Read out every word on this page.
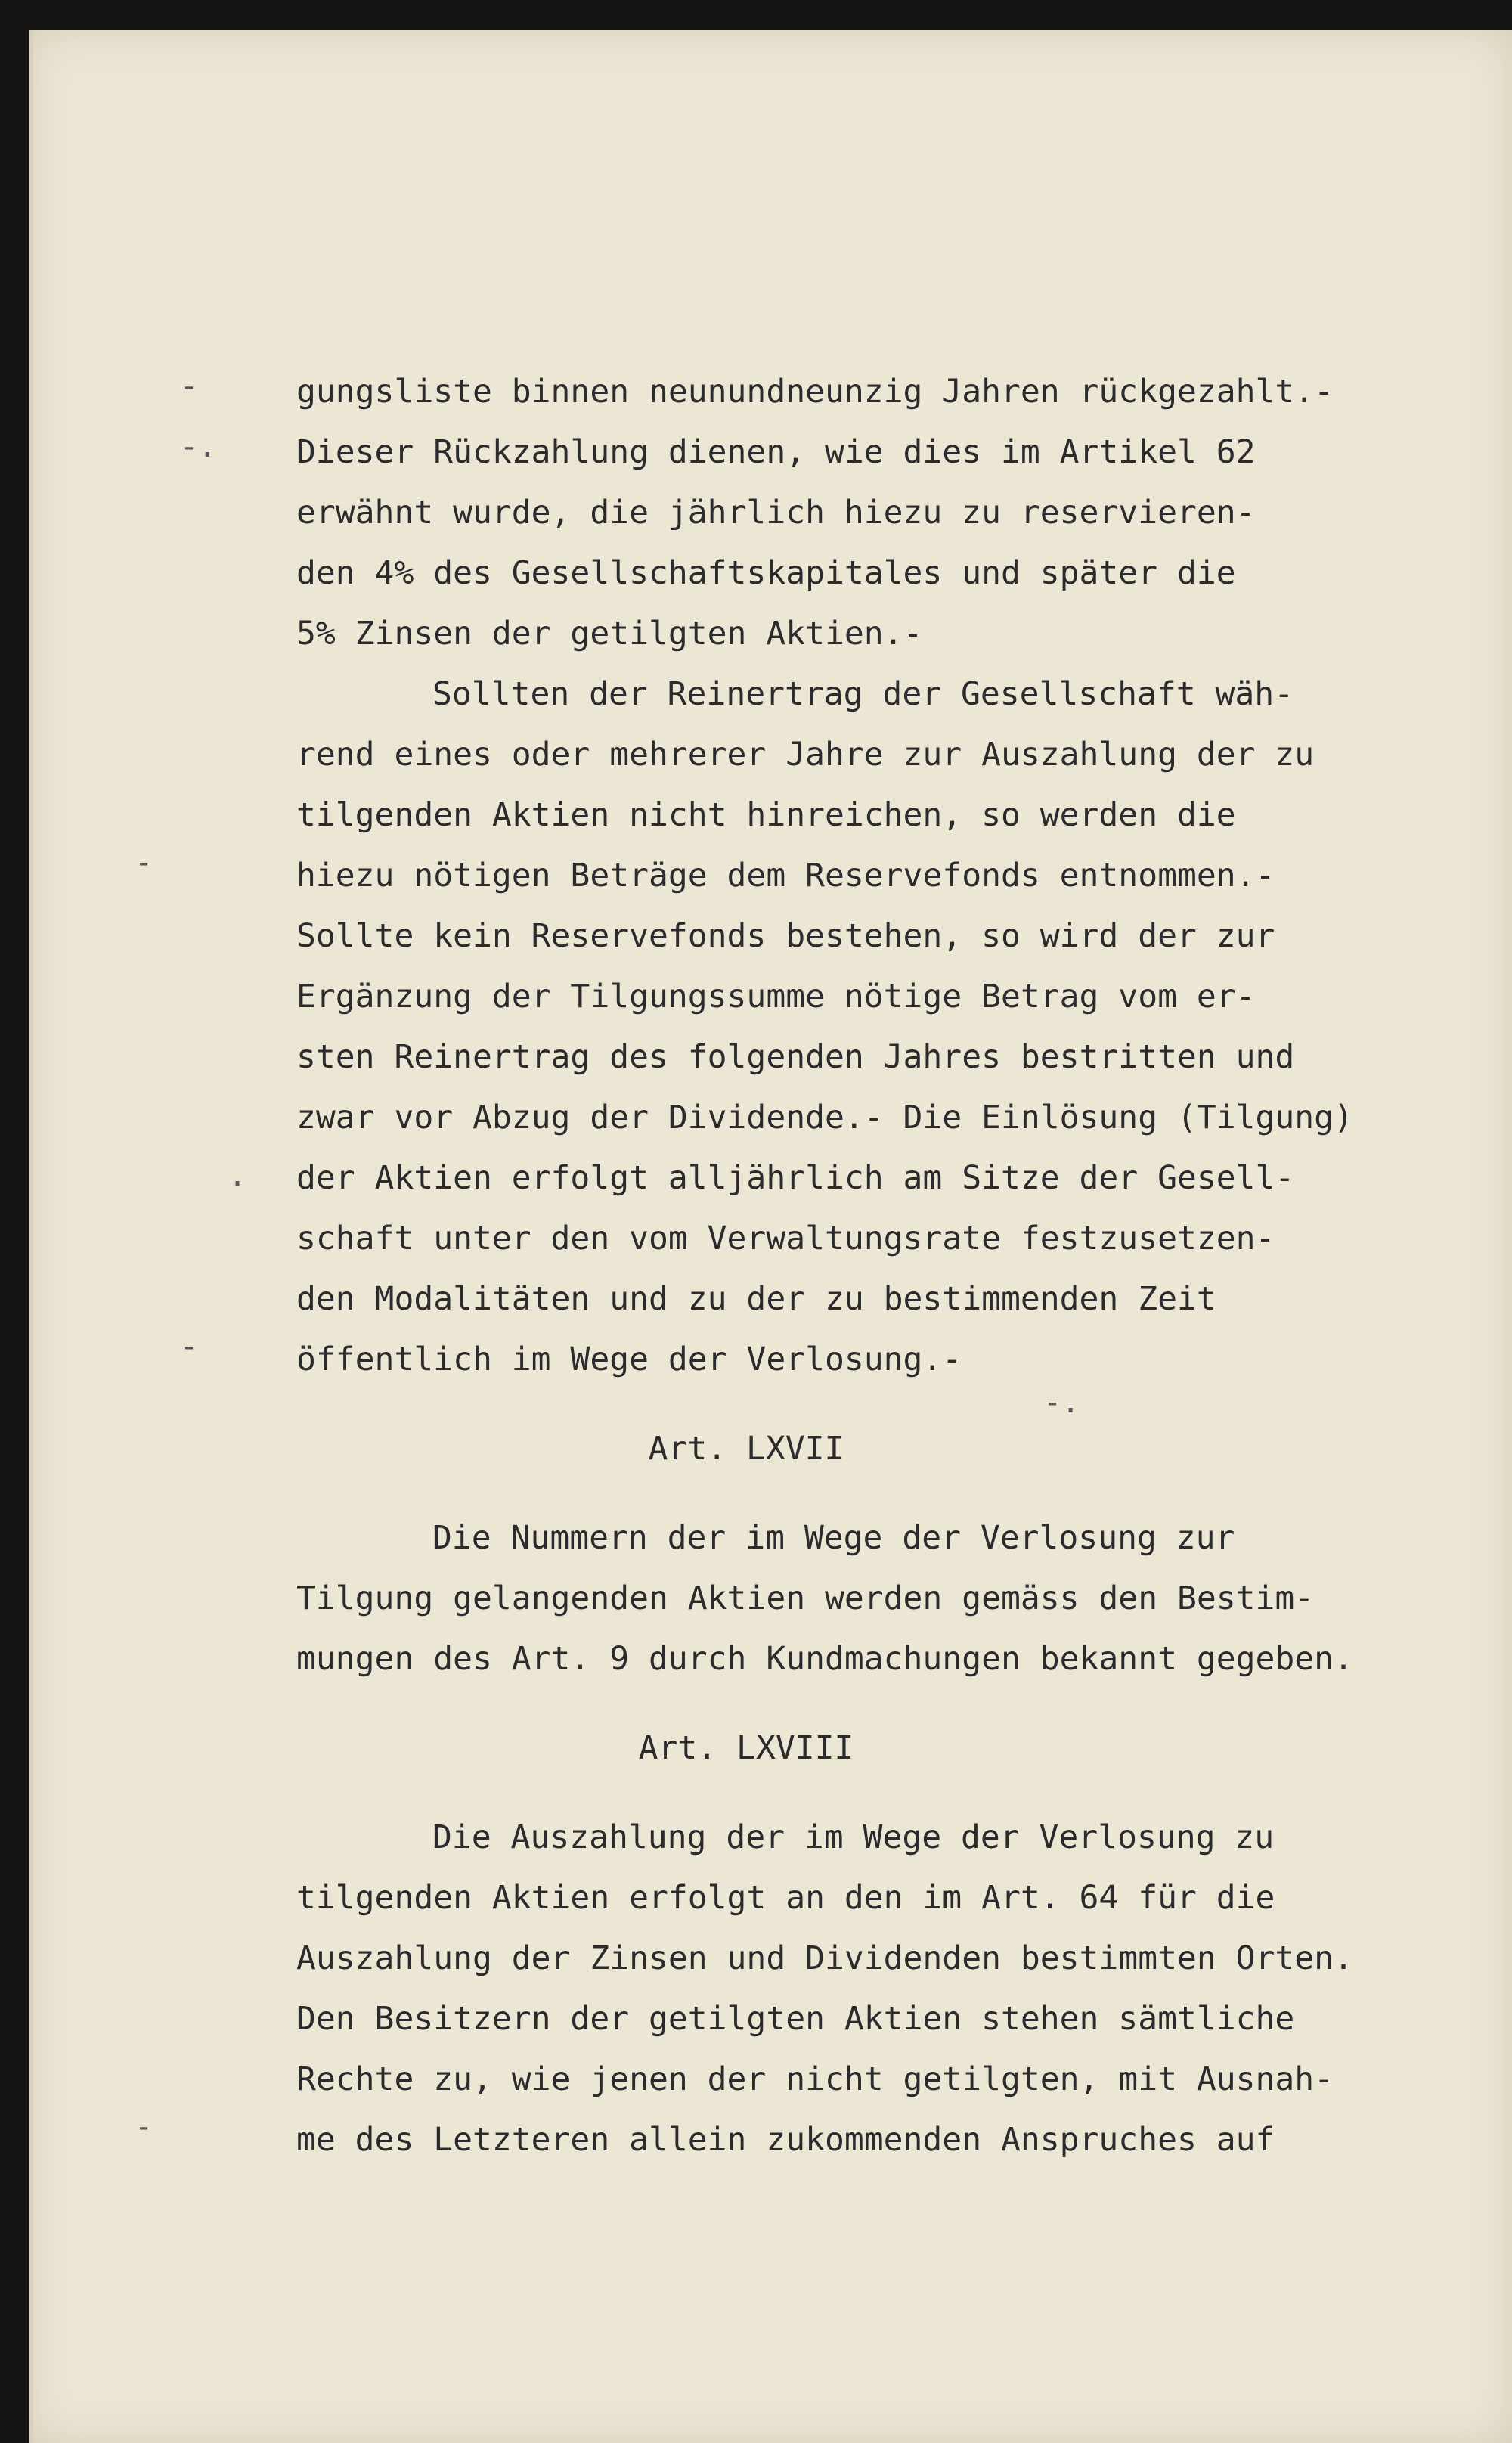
-
-.
-
.
-
-.
-
gungsliste binnen neunundneunzig Jahren rückgezahlt.-
Dieser Rückzahlung dienen, wie dies im Artikel 62
erwähnt wurde, die jährlich hiezu zu reservieren-
den 4% des Gesellschaftskapitales und später die
5% Zinsen der getilgten Aktien.-
Sollten der Reinertrag der Gesellschaft wäh-
rend eines oder mehrerer Jahre zur Auszahlung der zu
tilgenden Aktien nicht hinreichen, so werden die
hiezu nötigen Beträge dem Reservefonds entnommen.-
Sollte kein Reservefonds bestehen, so wird der zur
Ergänzung der Tilgungssumme nötige Betrag vom er-
sten Reinertrag des folgenden Jahres bestritten und
zwar vor Abzug der Dividende.- Die Einlösung (Tilgung)
der Aktien erfolgt alljährlich am Sitze der Gesell-
schaft unter den vom Verwaltungsrate festzusetzen-
den Modalitäten und zu der zu bestimmenden Zeit
öffentlich im Wege der Verlosung.-
Art. LXVII
Die Nummern der im Wege der Verlosung zur
Tilgung gelangenden Aktien werden gemäss den Bestim-
mungen des Art. 9 durch Kundmachungen bekannt gegeben.
Art. LXVIII
Die Auszahlung der im Wege der Verlosung zu
tilgenden Aktien erfolgt an den im Art. 64 für die
Auszahlung der Zinsen und Dividenden bestimmten Orten.
Den Besitzern der getilgten Aktien stehen sämtliche
Rechte zu, wie jenen der nicht getilgten, mit Ausnah-
me des Letzteren allein zukommenden Anspruches auf
